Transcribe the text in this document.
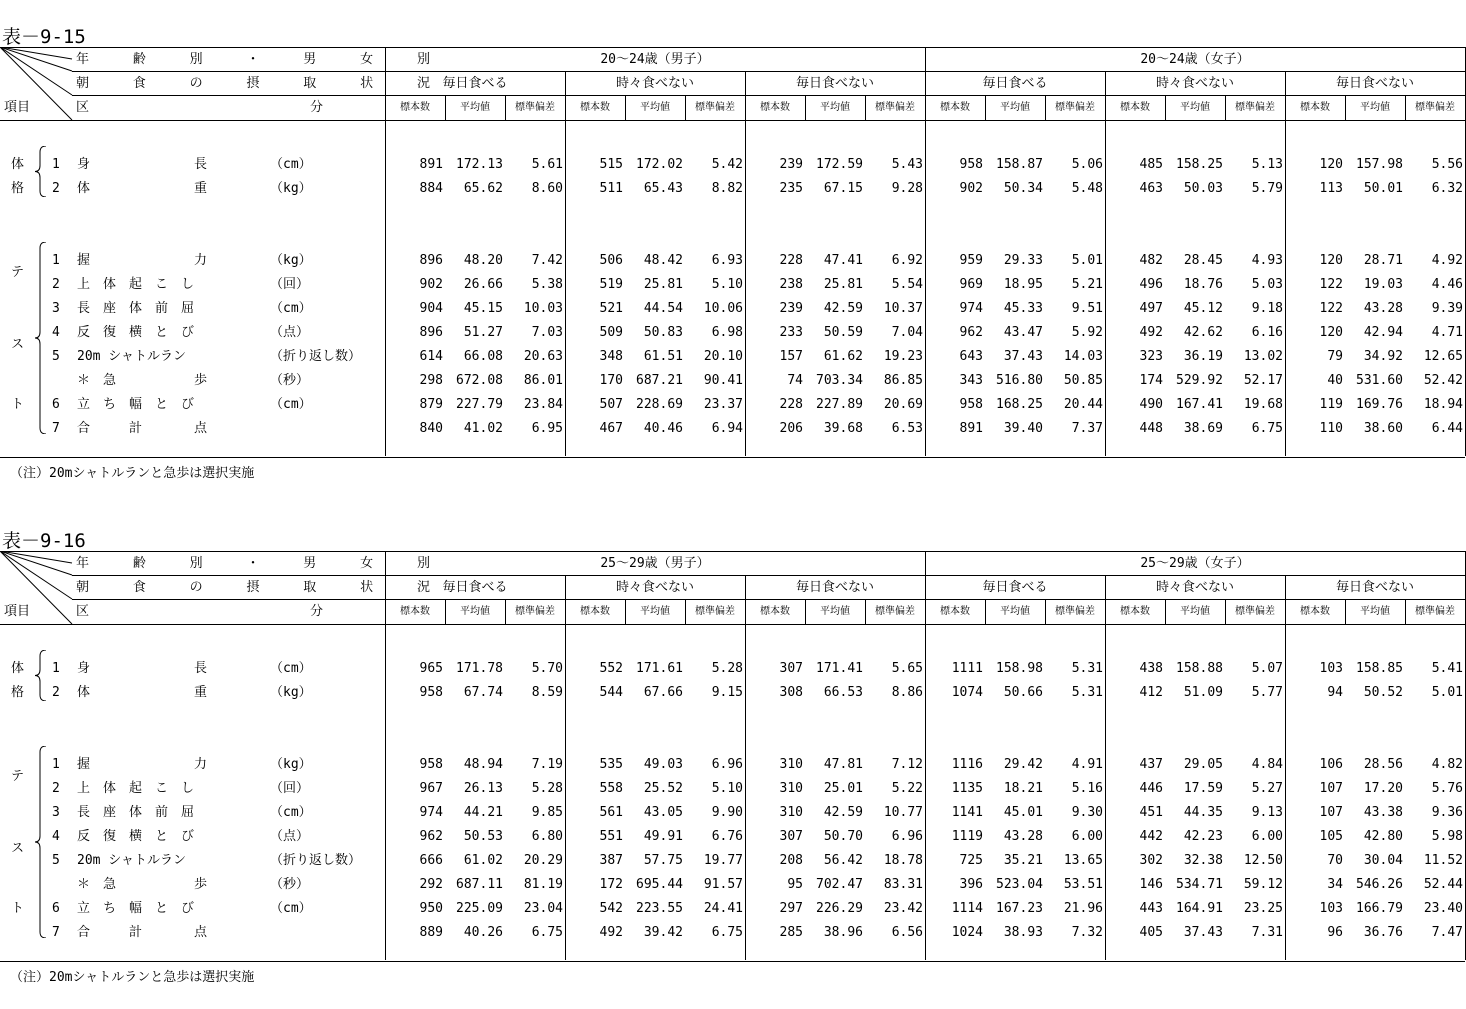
表－9-15
年 齢 別 ・ 男 女 別
朝 食 の 摂 取 状 況
区	分
項目
20～24歳（男子）	20～24歳（女子）
毎日食べる
標本数	平均値	標準偏差
時々食べない
標本数	平均値	標準偏差
毎日食べない
標本数	平均値	標準偏差
毎日食べる
標本数	平均値	標準偏差
時々食べない
標本数	平均値	標準偏差
毎日食べない
標本数	平均値	標準偏差
体
格
テ
ス
ト
1 身　　　　　　　　長	（cm）	891	172.13	5.61	515	172.02	5.42	239	172.59	5.43	958	158.87	5.06	485	158.25	5.13	120	157.98	5.56
2 体　　　　　　　　重	（kg）	884	65.62	8.60	511	65.43	8.82	235	67.15	9.28	902	50.34	5.48	463	50.03	5.79	113	50.01	6.32
1 握　　　　　　　　力	（kg）	896	48.20	7.42	506	48.42	6.93	228	47.41	6.92	959	29.33	5.01	482	28.45	4.93	120	28.71	4.92
2 上　体　起　こ　し	（回）	902	26.66	5.38	519	25.81	5.10	238	25.81	5.54	969	18.95	5.21	496	18.76	5.03	122	19.03	4.46
3 長　座　体　前　屈	（cm）	904	45.15	10.03	521	44.54	10.06	239	42.59	10.37	974	45.33	9.51	497	45.12	9.18	122	43.28	9.39
4 反　復　横　と　び	（点）	896	51.27	7.03	509	50.83	6.98	233	50.59	7.04	962	43.47	5.92	492	42.62	6.16	120	42.94	4.71
5 20m シャトルラン	（折り返し数）	614	66.08	20.63	348	61.51	20.10	157	61.62	19.23	643	37.43	14.03	323	36.19	13.02	79	34.92	12.65
＊　急　　　　　　歩	（秒）	298	672.08	86.01	170	687.21	90.41	74	703.34	86.85	343	516.80	50.85	174	529.92	52.17	40	531.60	52.42
6 立　ち　幅　と　び	（cm）	879	227.79	23.84	507	228.69	23.37	228	227.89	20.69	958	168.25	20.44	490	167.41	19.68	119	169.76	18.94
7 合　　　計　　　　点	840	41.02	6.95	467	40.46	6.94	206	39.68	6.53	891	39.40	7.37	448	38.69	6.75	110	38.60	6.44
（注）20mシャトルランと急歩は選択実施
表－9-16
年 齢 別 ・ 男 女 別
朝 食 の 摂 取 状 況
区	分
項目
25～29歳（男子）	25～29歳（女子）
毎日食べる
標本数	平均値	標準偏差
時々食べない
標本数	平均値	標準偏差
毎日食べない
標本数	平均値	標準偏差
毎日食べる
標本数	平均値	標準偏差
時々食べない
標本数	平均値	標準偏差
毎日食べない
標本数	平均値	標準偏差
体
格
テ
ス
ト
1 身　　　　　　　　長	（cm）	965	171.78	5.70	552	171.61	5.28	307	171.41	5.65	1111	158.98	5.31	438	158.88	5.07	103	158.85	5.41
2 体　　　　　　　　重	（kg）	958	67.74	8.59	544	67.66	9.15	308	66.53	8.86	1074	50.66	5.31	412	51.09	5.77	94	50.52	5.01
1 握　　　　　　　　力	（kg）	958	48.94	7.19	535	49.03	6.96	310	47.81	7.12	1116	29.42	4.91	437	29.05	4.84	106	28.56	4.82
2 上　体　起　こ　し	（回）	967	26.13	5.28	558	25.52	5.10	310	25.01	5.22	1135	18.21	5.16	446	17.59	5.27	107	17.20	5.76
3 長　座　体　前　屈	（cm）	974	44.21	9.85	561	43.05	9.90	310	42.59	10.77	1141	45.01	9.30	451	44.35	9.13	107	43.38	9.36
4 反　復　横　と　び	（点）	962	50.53	6.80	551	49.91	6.76	307	50.70	6.96	1119	43.28	6.00	442	42.23	6.00	105	42.80	5.98
5 20m シャトルラン	（折り返し数）	666	61.02	20.29	387	57.75	19.77	208	56.42	18.78	725	35.21	13.65	302	32.38	12.50	70	30.04	11.52
＊　急　　　　　　歩	（秒）	292	687.11	81.19	172	695.44	91.57	95	702.47	83.31	396	523.04	53.51	146	534.71	59.12	34	546.26	52.44
6 立　ち　幅　と　び	（cm）	950	225.09	23.04	542	223.55	24.41	297	226.29	23.42	1114	167.23	21.96	443	164.91	23.25	103	166.79	23.40
7 合　　　計　　　　点	889	40.26	6.75	492	39.42	6.75	285	38.96	6.56	1024	38.93	7.32	405	37.43	7.31	96	36.76	7.47
（注）20mシャトルランと急歩は選択実施
